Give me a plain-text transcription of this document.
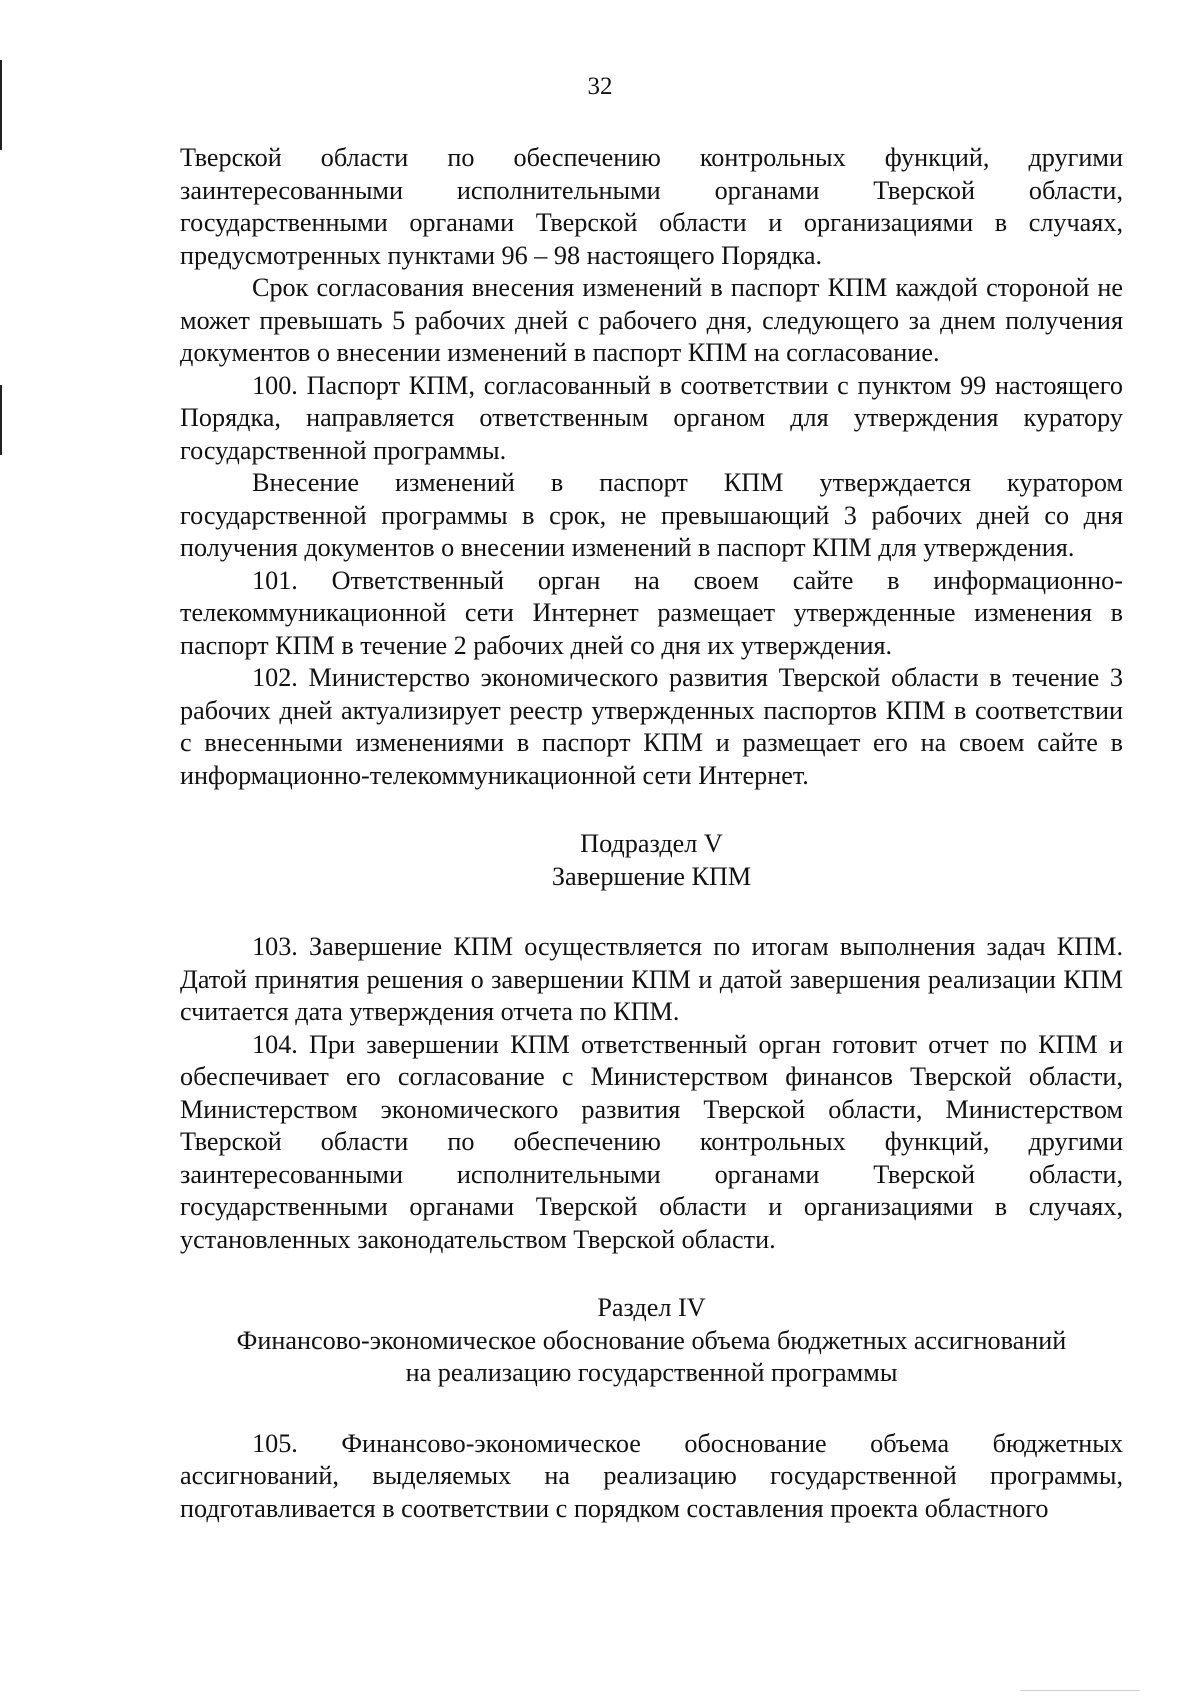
32

Тверской области по обеспечению контрольных функций, другими заинтересованными исполнительными органами Тверской области, государственными органами Тверской области и организациями в случаях, предусмотренных пунктами 96 – 98 настоящего Порядка.

Срок согласования внесения изменений в паспорт КПМ каждой стороной не может превышать 5 рабочих дней с рабочего дня, следующего за днем получения документов о внесении изменений в паспорт КПМ на согласование.

100. Паспорт КПМ, согласованный в соответствии с пунктом 99 настоящего Порядка, направляется ответственным органом для утверждения куратору государственной программы.

Внесение изменений в паспорт КПМ утверждается куратором государственной программы в срок, не превышающий 3 рабочих дней со дня получения документов о внесении изменений в паспорт КПМ для утверждения.

101. Ответственный орган на своем сайте в информационно-телекоммуникационной сети Интернет размещает утвержденные изменения в паспорт КПМ в течение 2 рабочих дней со дня их утверждения.

102. Министерство экономического развития Тверской области в течение 3 рабочих дней актуализирует реестр утвержденных паспортов КПМ в соответствии с внесенными изменениями в паспорт КПМ и размещает его на своем сайте в информационно-телекоммуникационной сети Интернет.

Подраздел V

Завершение КПМ

103. Завершение КПМ осуществляется по итогам выполнения задач КПМ. Датой принятия решения о завершении КПМ и датой завершения реализации КПМ считается дата утверждения отчета по КПМ.

104. При завершении КПМ ответственный орган готовит отчет по КПМ и обеспечивает его согласование с Министерством финансов Тверской области, Министерством экономического развития Тверской области, Министерством Тверской области по обеспечению контрольных функций, другими заинтересованными исполнительными органами Тверской области, государственными органами Тверской области и организациями в случаях, установленных законодательством Тверской области.

Раздел IV

Финансово-экономическое обоснование объема бюджетных ассигнований

на реализацию государственной программы

105. Финансово-экономическое обоснование объема бюджетных ассигнований, выделяемых на реализацию государственной программы, подготавливается в соответствии с порядком составления проекта областного
